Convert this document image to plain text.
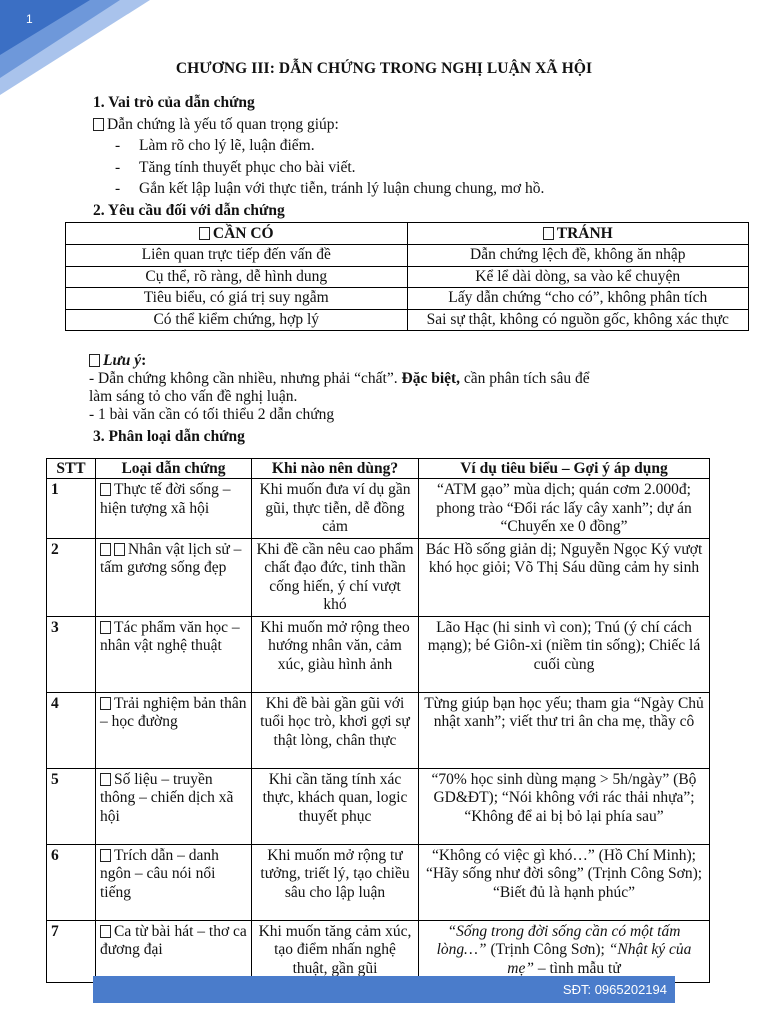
1
CHƯƠNG III: DẪN CHỨNG TRONG NGHỊ LUẬN XÃ HỘI
1. Vai trò của dẫn chứng
Dẫn chứng là yếu tố quan trọng giúp:
- Làm rõ cho lý lẽ, luận điểm.
- Tăng tính thuyết phục cho bài viết.
- Gắn kết lập luận với thực tiễn, tránh lý luận chung chung, mơ hồ.
2. Yêu cầu đối với dẫn chứng
CẦN CÓ	TRÁNH
Liên quan trực tiếp đến vấn đề	Dẫn chứng lệch đề, không ăn nhập
Cụ thể, rõ ràng, dễ hình dung	Kể lể dài dòng, sa vào kể chuyện
Tiêu biểu, có giá trị suy ngẫm	Lấy dẫn chứng “cho có”, không phân tích
Có thể kiểm chứng, hợp lý	Sai sự thật, không có nguồn gốc, không xác thực
Lưu ý:
- Dẫn chứng không cần nhiều, nhưng phải “chất”. Đặc biệt, cần phân tích sâu để
làm sáng tỏ cho vấn đề nghị luận.
- 1 bài văn cần có tối thiểu 2 dẫn chứng
3. Phân loại dẫn chứng
STT	Loại dẫn chứng	Khi nào nên dùng?	Ví dụ tiêu biểu – Gợi ý áp dụng
1	Thực tế đời sống – hiện tượng xã hội	Khi muốn đưa ví dụ gần gũi, thực tiễn, dễ đồng cảm	“ATM gạo” mùa dịch; quán cơm 2.000đ; phong trào “Đổi rác lấy cây xanh”; dự án “Chuyến xe 0 đồng”
2	Nhân vật lịch sử – tấm gương sống đẹp	Khi đề cần nêu cao phẩm chất đạo đức, tinh thần cống hiến, ý chí vượt khó	Bác Hồ sống giản dị; Nguyễn Ngọc Ký vượt khó học giỏi; Võ Thị Sáu dũng cảm hy sinh
3	Tác phẩm văn học – nhân vật nghệ thuật	Khi muốn mở rộng theo hướng nhân văn, cảm xúc, giàu hình ảnh	Lão Hạc (hi sinh vì con); Tnú (ý chí cách mạng); bé Giôn-xi (niềm tin sống); Chiếc lá cuối cùng
4	Trải nghiệm bản thân – học đường	Khi đề bài gần gũi với tuổi học trò, khơi gợi sự thật lòng, chân thực	Từng giúp bạn học yếu; tham gia “Ngày Chủ nhật xanh”; viết thư tri ân cha mẹ, thầy cô
5	Số liệu – truyền thông – chiến dịch xã hội	Khi cần tăng tính xác thực, khách quan, logic thuyết phục	“70% học sinh dùng mạng > 5h/ngày” (Bộ GD&ĐT); “Nói không với rác thải nhựa”; “Không để ai bị bỏ lại phía sau”
6	Trích dẫn – danh ngôn – câu nói nổi tiếng	Khi muốn mở rộng tư tưởng, triết lý, tạo chiều sâu cho lập luận	“Không có việc gì khó…” (Hồ Chí Minh); “Hãy sống như đời sông” (Trịnh Công Sơn); “Biết đủ là hạnh phúc”
7	Ca từ bài hát – thơ ca đương đại	Khi muốn tăng cảm xúc, tạo điểm nhấn nghệ thuật, gần gũi	“Sống trong đời sống cần có một tấm lòng…” (Trịnh Công Sơn); “Nhật ký của mẹ” – tình mẫu tử
SĐT: 0965202194
